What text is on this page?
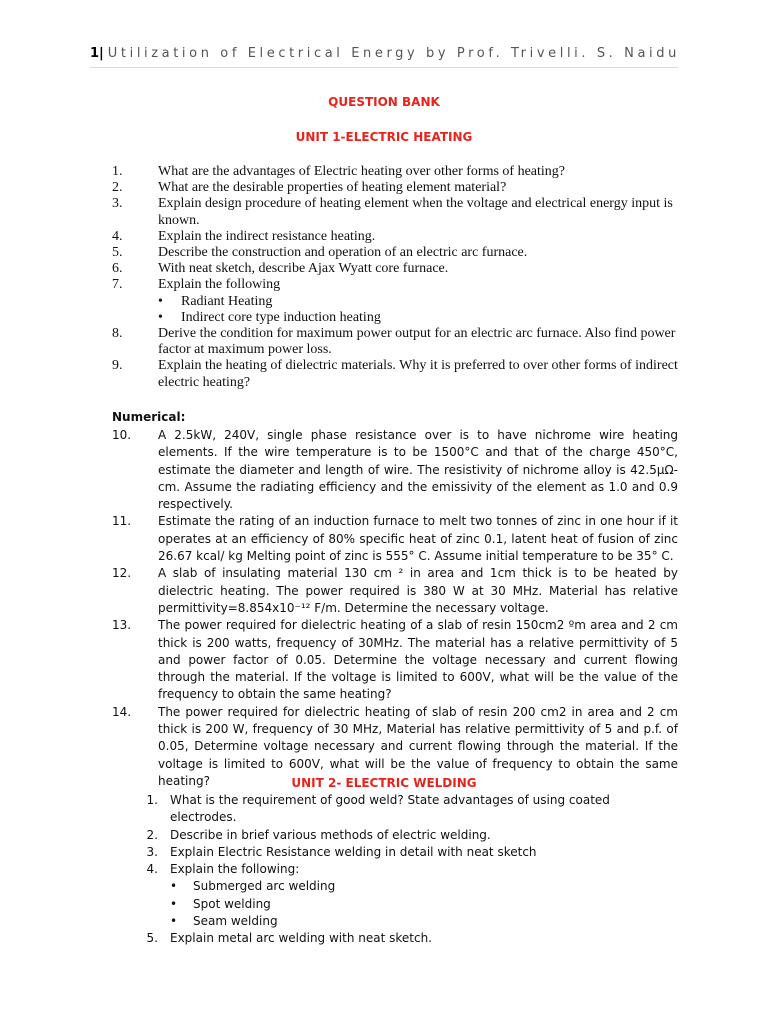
1| Utilization of Electrical Energy by Prof. Trivelli. S. Naidu
QUESTION BANK
UNIT 1-ELECTRIC HEATING
1.	What are the advantages of Electric heating over other forms of heating?
2.	What are the desirable properties of heating element material?
3.	Explain design procedure of heating element when the voltage and electrical energy input is known.
4.	Explain the indirect resistance heating.
5.	Describe the construction and operation of an electric arc furnace.
6.	With neat sketch, describe Ajax Wyatt core furnace.
7.	Explain the following
•	Radiant Heating
•	Indirect core type induction heating
8.	Derive the condition for maximum power output for an electric arc furnace. Also find power factor at maximum power loss.
9.	Explain the heating of dielectric materials. Why it is preferred to over other forms of indirect electric heating?
Numerical:
10.	A 2.5kW, 240V, single phase resistance over is to have nichrome wire heating elements. If the wire temperature is to be 1500°C and that of the charge 450°C, estimate the diameter and length of wire. The resistivity of nichrome alloy is 42.5μΩ-cm. Assume the radiating efficiency and the emissivity of the element as 1.0 and 0.9 respectively.
11.	Estimate the rating of an induction furnace to melt two tonnes of zinc in one hour if it operates at an efficiency of 80% specific heat of zinc 0.1, latent heat of fusion of zinc 26.67 kcal/ kg Melting point of zinc is 555° C. Assume initial temperature to be 35° C.
12.	A slab of insulating material 130 cm ² in area and 1cm thick is to be heated by dielectric heating. The power required is 380 W at 30 MHz. Material has relative permittivity=8.854x10⁻¹² F/m. Determine the necessary voltage.
13.	The power required for dielectric heating of a slab of resin 150cm2 ºm area and 2 cm thick is 200 watts, frequency of 30MHz. The material has a relative permittivity of 5 and power factor of 0.05. Determine the voltage necessary and current flowing through the material. If the voltage is limited to 600V, what will be the value of the frequency to obtain the same heating?
14.	The power required for dielectric heating of slab of resin 200 cm2 in area and 2 cm thick is 200 W, frequency of 30 MHz, Material has relative permittivity of 5 and p.f. of 0.05, Determine voltage necessary and current flowing through the material. If the voltage is limited to 600V, what will be the value of frequency to obtain the same heating?	UNIT 2- ELECTRIC WELDING
1. What is the requirement of good weld? State advantages of using coated electrodes.
2. Describe in brief various methods of electric welding.
3. Explain Electric Resistance welding in detail with neat sketch
4. Explain the following:
•	Submerged arc welding
•	Spot welding
•	Seam welding
5. Explain metal arc welding with neat sketch.
